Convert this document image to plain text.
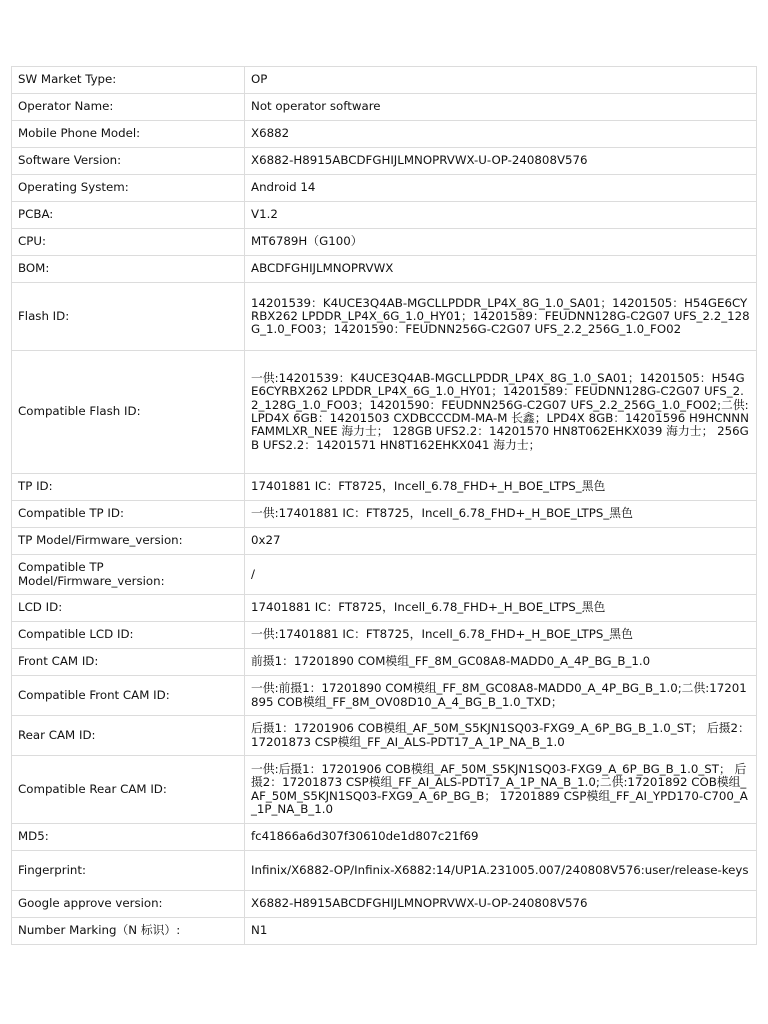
SW Market Type:	OP
Operator Name:	Not operator software
Mobile Phone Model:	X6882
Software Version:	X6882-H8915ABCDFGHIJLMNOPRVWX-U-OP-240808V576
Operating System:	Android 14
PCBA:	V1.2
CPU:	MT6789H（G100）
BOM:	ABCDFGHIJLMNOPRVWX
Flash ID:	14201539：K4UCE3Q4AB-MGCLLPDDR_LP4X_8G_1.0_SA01；14201505：H54GE6CYRBX262 LPDDR_LP4X_6G_1.0_HY01；14201589：FEUDNN128G-C2G07 UFS_2.2_128G_1.0_FO03；14201590：FEUDNN256G-C2G07 UFS_2.2_256G_1.0_FO02
Compatible Flash ID:	一供:14201539：K4UCE3Q4AB-MGCLLPDDR_LP4X_8G_1.0_SA01；14201505：H54GE6CYRBX262 LPDDR_LP4X_6G_1.0_HY01；14201589：FEUDNN128G-C2G07 UFS_2.2_128G_1.0_FO03；14201590：FEUDNN256G-C2G07 UFS_2.2_256G_1.0_FO02;二供:LPD4X 6GB：14201503 CXDBCCCDM-MA-M 长鑫；LPD4X 8GB：14201596 H9HCNNNFAMMLXR_NEE 海力士； 128GB UFS2.2：14201570 HN8T062EHKX039 海力士； 256GB UFS2.2：14201571 HN8T162EHKX041 海力士；
TP ID:	17401881 IC：FT8725，Incell_6.78_FHD+_H_BOE_LTPS_黑色
Compatible TP ID:	一供:17401881 IC：FT8725，Incell_6.78_FHD+_H_BOE_LTPS_黑色
TP Model/Firmware_version:	0x27
Compatible TP Model/Firmware_version:	/
LCD ID:	17401881 IC：FT8725，Incell_6.78_FHD+_H_BOE_LTPS_黑色
Compatible LCD ID:	一供:17401881 IC：FT8725，Incell_6.78_FHD+_H_BOE_LTPS_黑色
Front CAM ID:	前摄1：17201890 COM模组_FF_8M_GC08A8-MADD0_A_4P_BG_B_1.0
Compatible Front CAM ID:	一供:前摄1：17201890 COM模组_FF_8M_GC08A8-MADD0_A_4P_BG_B_1.0;二供:17201895 COB模组_FF_8M_OV08D10_A_4_BG_B_1.0_TXD；
Rear CAM ID:	后摄1：17201906 COB模组_AF_50M_S5KJN1SQ03-FXG9_A_6P_BG_B_1.0_ST； 后摄2：17201873 CSP模组_FF_AI_ALS-PDT17_A_1P_NA_B_1.0
Compatible Rear CAM ID:	一供:后摄1：17201906 COB模组_AF_50M_S5KJN1SQ03-FXG9_A_6P_BG_B_1.0_ST； 后摄2：17201873 CSP模组_FF_AI_ALS-PDT17_A_1P_NA_B_1.0;二供:17201892 COB模组_AF_50M_S5KJN1SQ03-FXG9_A_6P_BG_B； 17201889 CSP模组_FF_AI_YPD170-C700_A_1P_NA_B_1.0
MD5:	fc41866a6d307f30610de1d807c21f69
Fingerprint:	Infinix/X6882-OP/Infinix-X6882:14/UP1A.231005.007/240808V576:user/release-keys
Google approve version:	X6882-H8915ABCDFGHIJLMNOPRVWX-U-OP-240808V576
Number Marking（N 标识）:	N1
